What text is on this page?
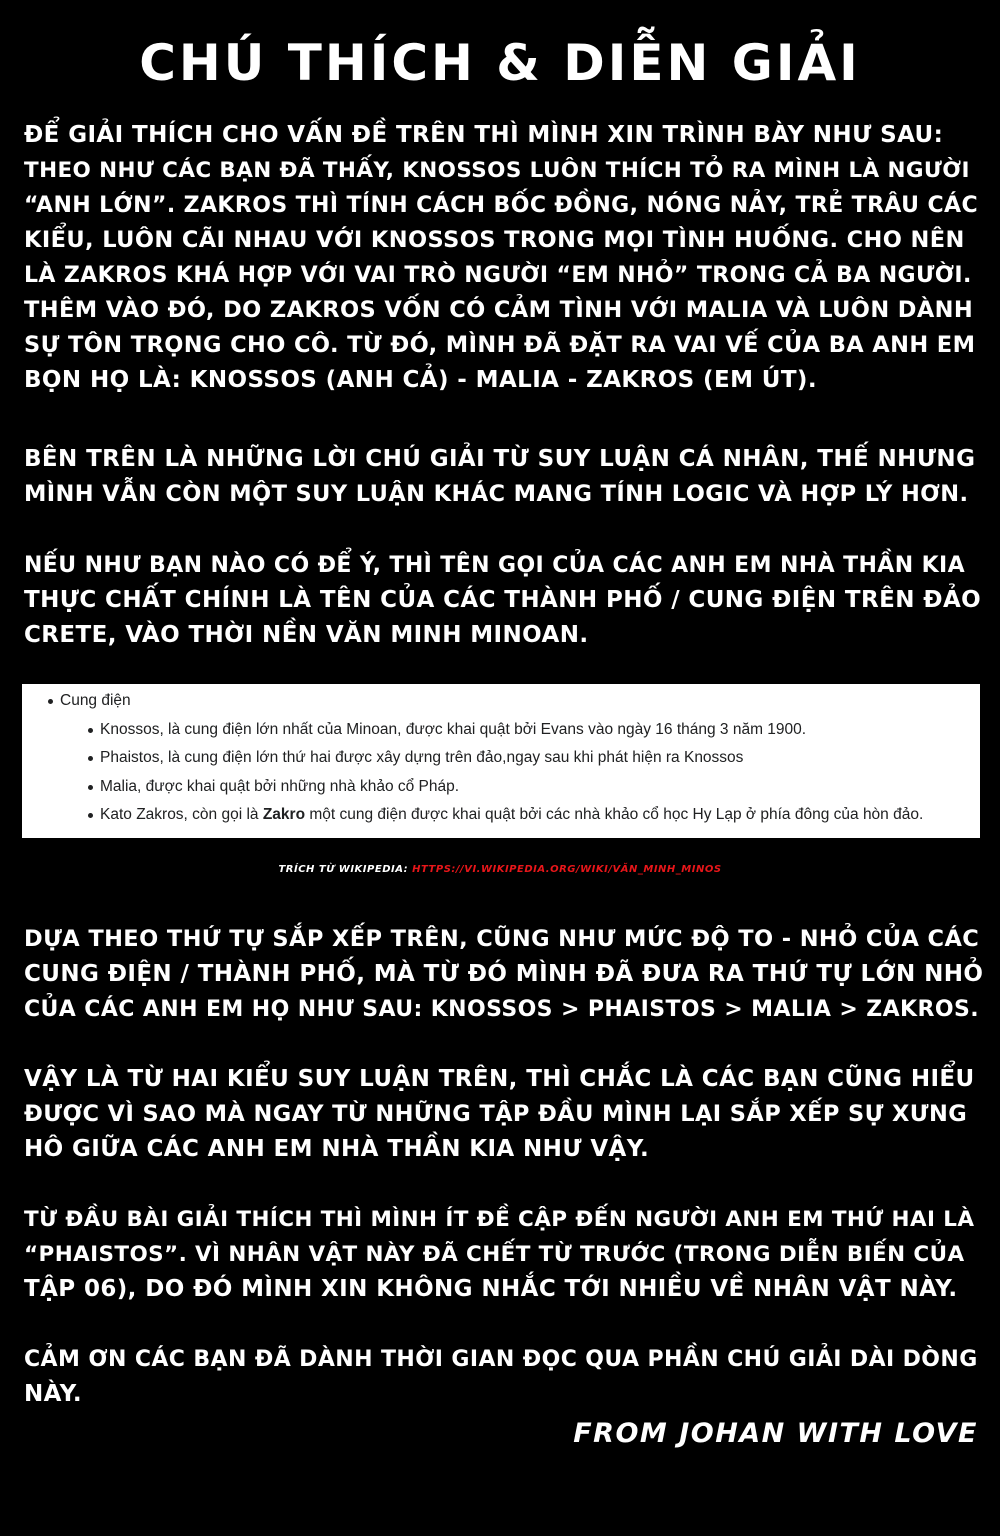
CHÚ THÍCH & DIỄN GIẢI
ĐỂ GIẢI THÍCH CHO VẤN ĐỀ TRÊN THÌ MÌNH XIN TRÌNH BÀY NHƯ SAU:
THEO NHƯ CÁC BẠN ĐÃ THẤY, KNOSSOS LUÔN THÍCH TỎ RA MÌNH LÀ NGƯỜI
“ANH LỚN”. ZAKROS THÌ TÍNH CÁCH BỐC ĐỒNG, NÓNG NẢY, TRẺ TRÂU CÁC
KIỂU, LUÔN CÃI NHAU VỚI KNOSSOS TRONG MỌI TÌNH HUỐNG. CHO NÊN
LÀ ZAKROS KHÁ HỢP VỚI VAI TRÒ NGƯỜI “EM NHỎ” TRONG CẢ BA NGƯỜI.
THÊM VÀO ĐÓ, DO ZAKROS VỐN CÓ CẢM TÌNH VỚI MALIA VÀ LUÔN DÀNH
SỰ TÔN TRỌNG CHO CÔ. TỪ ĐÓ, MÌNH ĐÃ ĐẶT RA VAI VẾ CỦA BA ANH EM
BỌN HỌ LÀ: KNOSSOS (ANH CẢ) - MALIA - ZAKROS (EM ÚT).
BÊN TRÊN LÀ NHỮNG LỜI CHÚ GIẢI TỪ SUY LUẬN CÁ NHÂN, THẾ NHƯNG
MÌNH VẪN CÒN MỘT SUY LUẬN KHÁC MANG TÍNH LOGIC VÀ HỢP LÝ HƠN.
NẾU NHƯ BẠN NÀO CÓ ĐỂ Ý, THÌ TÊN GỌI CỦA CÁC ANH EM NHÀ THẦN KIA
THỰC CHẤT CHÍNH LÀ TÊN CỦA CÁC THÀNH PHỐ / CUNG ĐIỆN TRÊN ĐẢO
CRETE, VÀO THỜI NỀN VĂN MINH MINOAN.
Cung điện
Knossos, là cung điện lớn nhất của Minoan, được khai quật bởi Evans vào ngày 16 tháng 3 năm 1900.
Phaistos, là cung điện lớn thứ hai được xây dựng trên đảo,ngay sau khi phát hiện ra Knossos
Malia, được khai quật bởi những nhà khảo cổ Pháp.
Kato Zakros, còn gọi là Zakro một cung điện được khai quật bởi các nhà khảo cổ học Hy Lạp ở phía đông của hòn đảo.
TRÍCH TỪ WIKIPEDIA: HTTPS://VI.WIKIPEDIA.ORG/WIKI/VĂN_MINH_MINOS
DỰA THEO THỨ TỰ SẮP XẾP TRÊN, CŨNG NHƯ MỨC ĐỘ TO - NHỎ CỦA CÁC
CUNG ĐIỆN / THÀNH PHỐ, MÀ TỪ ĐÓ MÌNH ĐÃ ĐƯA RA THỨ TỰ LỚN NHỎ
CỦA CÁC ANH EM HỌ NHƯ SAU: KNOSSOS > PHAISTOS > MALIA > ZAKROS.
VẬY LÀ TỪ HAI KIỂU SUY LUẬN TRÊN, THÌ CHẮC LÀ CÁC BẠN CŨNG HIỂU
ĐƯỢC VÌ SAO MÀ NGAY TỪ NHỮNG TẬP ĐẦU MÌNH LẠI SẮP XẾP SỰ XƯNG
HÔ GIỮA CÁC ANH EM NHÀ THẦN KIA NHƯ VẬY.
TỪ ĐẦU BÀI GIẢI THÍCH THÌ MÌNH ÍT ĐỀ CẬP ĐẾN NGƯỜI ANH EM THỨ HAI LÀ
“PHAISTOS”. VÌ NHÂN VẬT NÀY ĐÃ CHẾT TỪ TRƯỚC (TRONG DIỄN BIẾN CỦA
TẬP 06), DO ĐÓ MÌNH XIN KHÔNG NHẮC TỚI NHIỀU VỀ NHÂN VẬT NÀY.
CẢM ƠN CÁC BẠN ĐÃ DÀNH THỜI GIAN ĐỌC QUA PHẦN CHÚ GIẢI DÀI DÒNG
NÀY.
FROM JOHAN WITH LOVE
